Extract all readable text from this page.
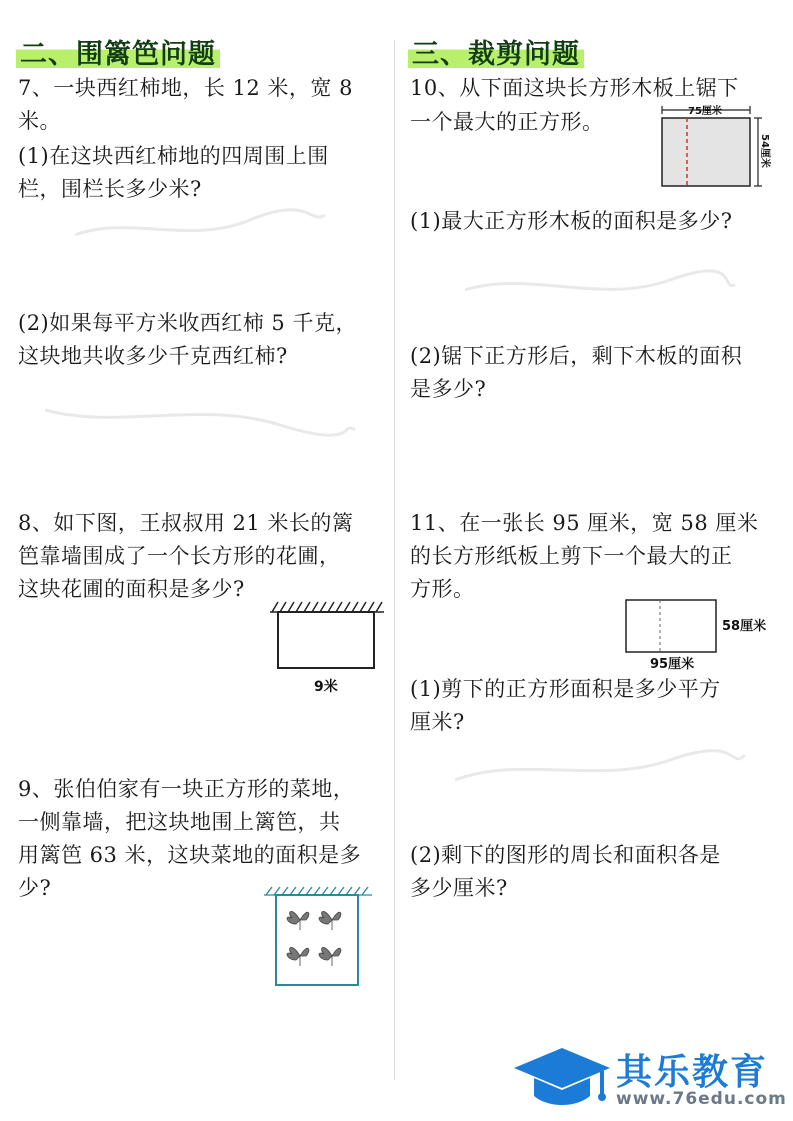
二、围篱笆问题	三、裁剪问题
7、一块西红柿地，长 12 米，宽 8
米。
(1)在这块西红柿地的四周围上围
栏，围栏长多少米?
(2)如果每平方米收西红柿 5 千克，
这块地共收多少千克西红柿?
8、如下图，王叔叔用 21 米长的篱
笆靠墙围成了一个长方形的花圃，
这块花圃的面积是多少?
9、张伯伯家有一块正方形的菜地，
一侧靠墙，把这块地围上篱笆，共
用篱笆 63 米，这块菜地的面积是多
少?
9米
10、从下面这块长方形木板上锯下
一个最大的正方形。
(1)最大正方形木板的面积是多少?
(2)锯下正方形后，剩下木板的面积
是多少?
11、在一张长 95 厘米，宽 58 厘米
的长方形纸板上剪下一个最大的正
方形。
(1)剪下的正方形面积是多少平方
厘米?
(2)剩下的图形的周长和面积各是
多少厘米?
75厘米
54厘米
58厘米
95厘米
其乐教育
www.76edu.com
